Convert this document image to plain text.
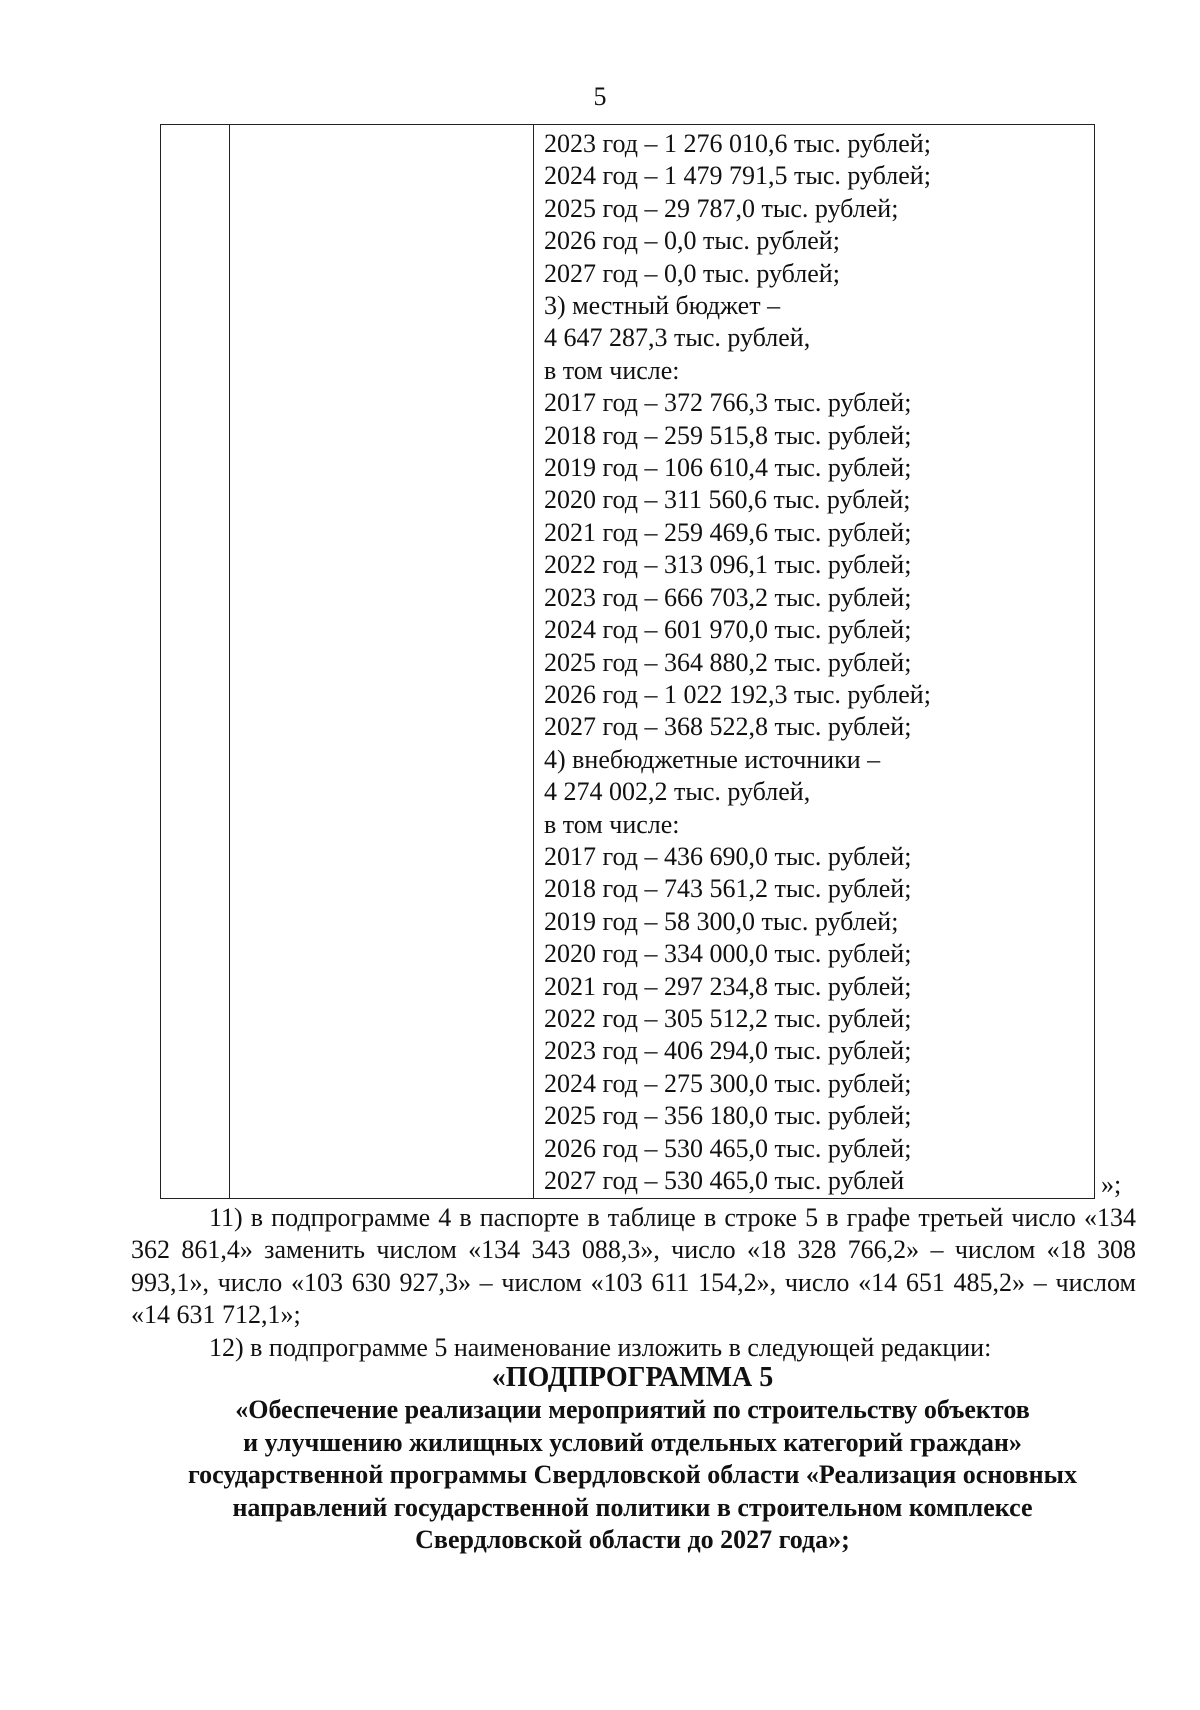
5

2023 год – 1 276 010,6 тыс. рублей;
2024 год – 1 479 791,5 тыс. рублей;
2025 год – 29 787,0 тыс. рублей;
2026 год – 0,0 тыс. рублей;
2027 год – 0,0 тыс. рублей;
3) местный бюджет –
4 647 287,3 тыс. рублей,
в том числе:
2017 год – 372 766,3 тыс. рублей;
2018 год – 259 515,8 тыс. рублей;
2019 год – 106 610,4 тыс. рублей;
2020 год – 311 560,6 тыс. рублей;
2021 год – 259 469,6 тыс. рублей;
2022 год – 313 096,1 тыс. рублей;
2023 год – 666 703,2 тыс. рублей;
2024 год – 601 970,0 тыс. рублей;
2025 год – 364 880,2 тыс. рублей;
2026 год – 1 022 192,3 тыс. рублей;
2027 год – 368 522,8 тыс. рублей;
4) внебюджетные источники –
4 274 002,2 тыс. рублей,
в том числе:
2017 год – 436 690,0 тыс. рублей;
2018 год – 743 561,2 тыс. рублей;
2019 год – 58 300,0 тыс. рублей;
2020 год – 334 000,0 тыс. рублей;
2021 год – 297 234,8 тыс. рублей;
2022 год – 305 512,2 тыс. рублей;
2023 год – 406 294,0 тыс. рублей;
2024 год – 275 300,0 тыс. рублей;
2025 год – 356 180,0 тыс. рублей;
2026 год – 530 465,0 тыс. рублей;
2027 год – 530 465,0 тыс. рублей	»;

11) в подпрограмме 4 в паспорте в таблице в строке 5 в графе третьей число «134 362 861,4» заменить числом «134 343 088,3», число «18 328 766,2» – числом «18 308 993,1», число «103 630 927,3» – числом «103 611 154,2», число «14 651 485,2» – числом «14 631 712,1»;

12) в подпрограмме 5 наименование изложить в следующей редакции:

«ПОДПРОГРАММА 5
«Обеспечение реализации мероприятий по строительству объектов
и улучшению жилищных условий отдельных категорий граждан»
государственной программы Свердловской области «Реализация основных
направлений государственной политики в строительном комплексе
Свердловской области до 2027 года»;
